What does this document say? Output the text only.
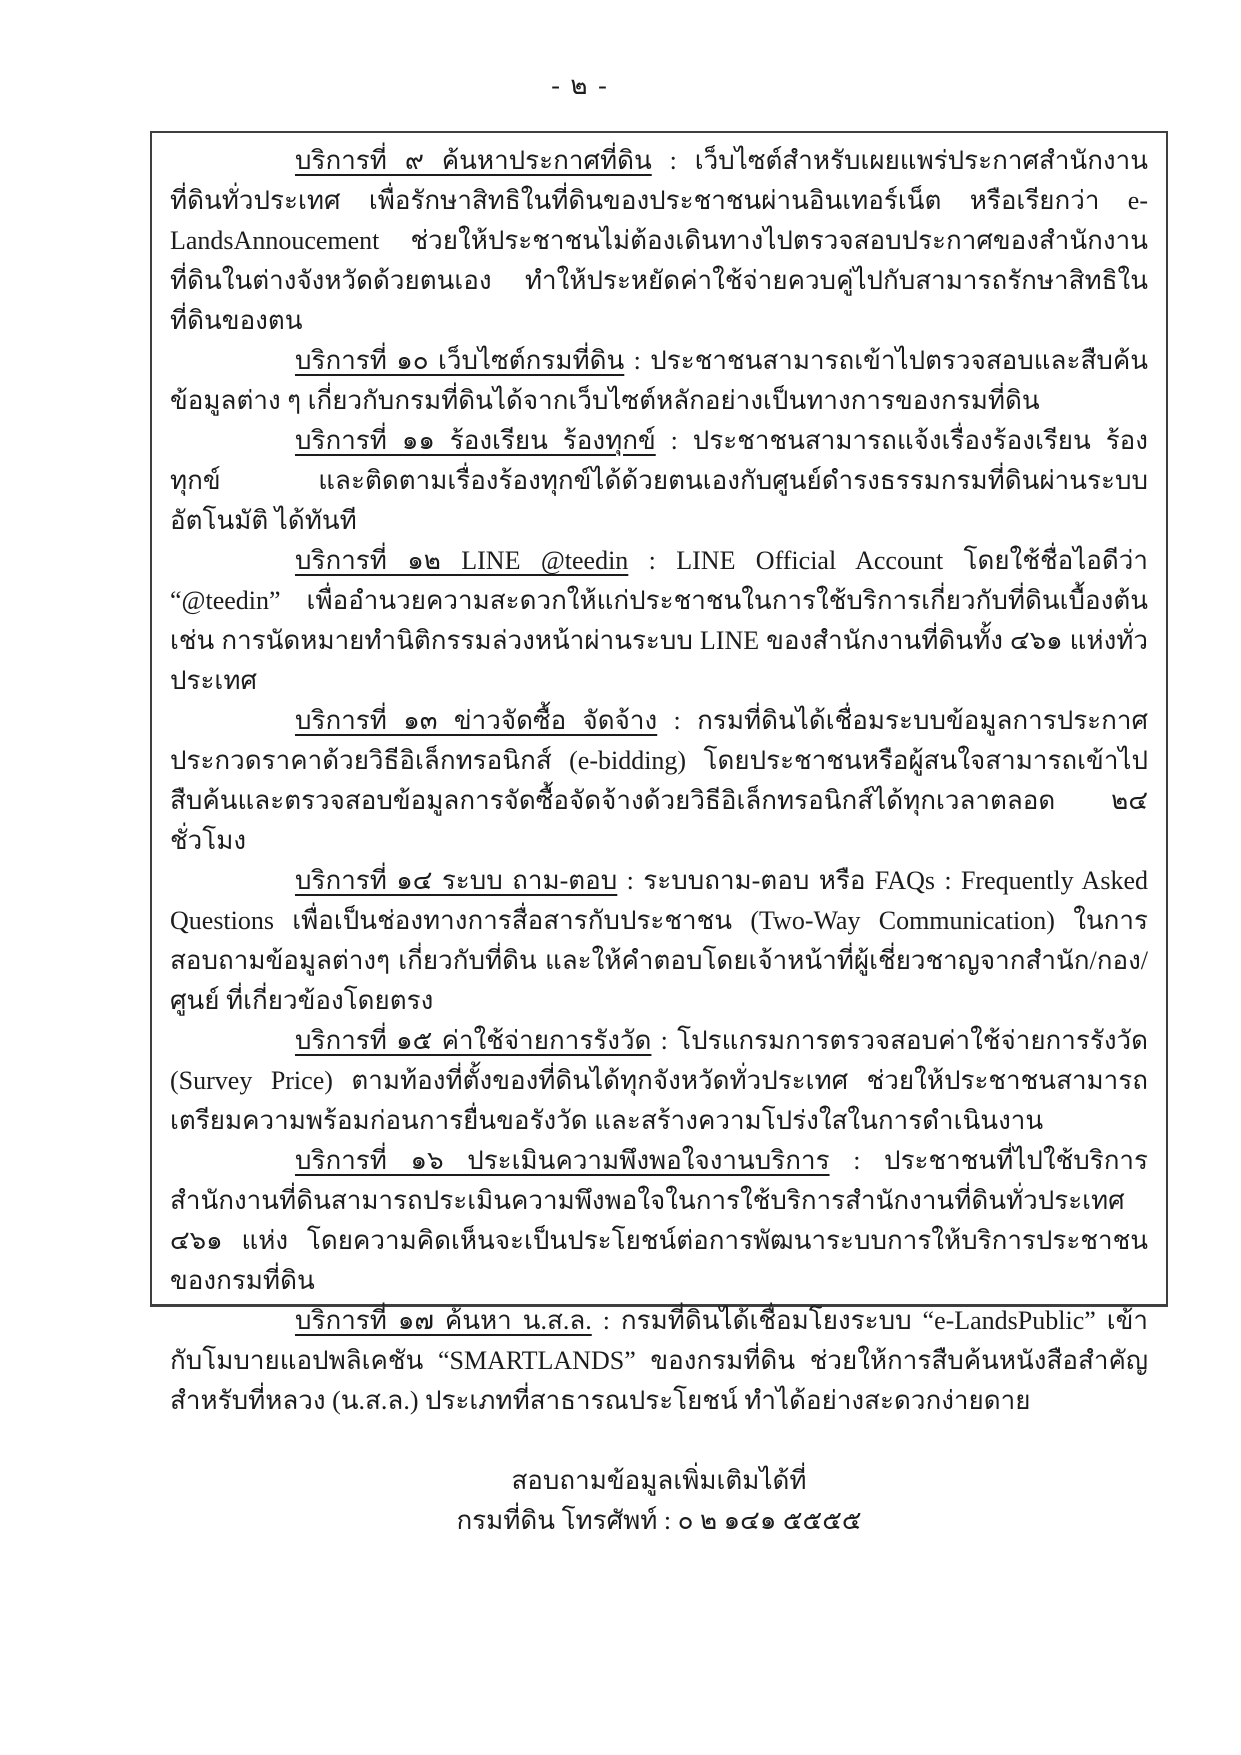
- ๒ -

บริการที่ ๙ ค้นหาประกาศที่ดิน : เว็บไซต์สำหรับเผยแพร่ประกาศสำนักงานที่ดินทั่วประเทศ เพื่อรักษาสิทธิในที่ดินของประชาชนผ่านอินเทอร์เน็ต หรือเรียกว่า e-LandsAnnoucement ช่วยให้ประชาชนไม่ต้องเดินทางไปตรวจสอบประกาศของสำนักงานที่ดินในต่างจังหวัดด้วยตนเอง ทำให้ประหยัดค่าใช้จ่ายควบคู่ไปกับสามารถรักษาสิทธิในที่ดินของตน

บริการที่ ๑๐ เว็บไซต์กรมที่ดิน : ประชาชนสามารถเข้าไปตรวจสอบและสืบค้นข้อมูลต่าง ๆ เกี่ยวกับกรมที่ดินได้จากเว็บไซต์หลักอย่างเป็นทางการของกรมที่ดิน

บริการที่ ๑๑ ร้องเรียน ร้องทุกข์ : ประชาชนสามารถแจ้งเรื่องร้องเรียน ร้องทุกข์ และติดตามเรื่องร้องทุกข์ได้ด้วยตนเองกับศูนย์ดำรงธรรมกรมที่ดินผ่านระบบอัตโนมัติ ได้ทันที

บริการที่ ๑๒ LINE @teedin : LINE Official Account โดยใช้ชื่อไอดีว่า “@teedin” เพื่ออำนวยความสะดวกให้แก่ประชาชนในการใช้บริการเกี่ยวกับที่ดินเบื้องต้น เช่น การนัดหมายทำนิติกรรมล่วงหน้าผ่านระบบ LINE ของสำนักงานที่ดินทั้ง ๔๖๑ แห่งทั่วประเทศ

บริการที่ ๑๓ ข่าวจัดซื้อ จัดจ้าง : กรมที่ดินได้เชื่อมระบบข้อมูลการประกาศประกวดราคาด้วยวิธีอิเล็กทรอนิกส์ (e-bidding) โดยประชาชนหรือผู้สนใจสามารถเข้าไปสืบค้นและตรวจสอบข้อมูลการจัดซื้อจัดจ้างด้วยวิธีอิเล็กทรอนิกส์ได้ทุกเวลาตลอด ๒๔ ชั่วโมง

บริการที่ ๑๔ ระบบ ถาม-ตอบ : ระบบถาม-ตอบ หรือ FAQs : Frequently Asked Questions เพื่อเป็นช่องทางการสื่อสารกับประชาชน (Two-Way Communication) ในการสอบถามข้อมูลต่างๆ เกี่ยวกับที่ดิน และให้คำตอบโดยเจ้าหน้าที่ผู้เชี่ยวชาญจากสำนัก/กอง/ศูนย์ ที่เกี่ยวข้องโดยตรง

บริการที่ ๑๕ ค่าใช้จ่ายการรังวัด : โปรแกรมการตรวจสอบค่าใช้จ่ายการรังวัด (Survey Price) ตามท้องที่ตั้งของที่ดินได้ทุกจังหวัดทั่วประเทศ ช่วยให้ประชาชนสามารถเตรียมความพร้อมก่อนการยื่นขอรังวัด และสร้างความโปร่งใสในการดำเนินงาน

บริการที่ ๑๖ ประเมินความพึงพอใจงานบริการ : ประชาชนที่ไปใช้บริการสำนักงานที่ดินสามารถประเมินความพึงพอใจในการใช้บริการสำนักงานที่ดินทั่วประเทศ ๔๖๑ แห่ง โดยความคิดเห็นจะเป็นประโยชน์ต่อการพัฒนาระบบการให้บริการประชาชนของกรมที่ดิน

บริการที่ ๑๗ ค้นหา น.ส.ล. : กรมที่ดินได้เชื่อมโยงระบบ “e-LandsPublic” เข้ากับโมบายแอปพลิเคชัน “SMARTLANDS” ของกรมที่ดิน ช่วยให้การสืบค้นหนังสือสำคัญสำหรับที่หลวง (น.ส.ล.) ประเภทที่สาธารณประโยชน์ ทำได้อย่างสะดวกง่ายดาย

สอบถามข้อมูลเพิ่มเติมได้ที่

กรมที่ดิน โทรศัพท์ : ๐ ๒ ๑๔๑ ๕๕๕๕
